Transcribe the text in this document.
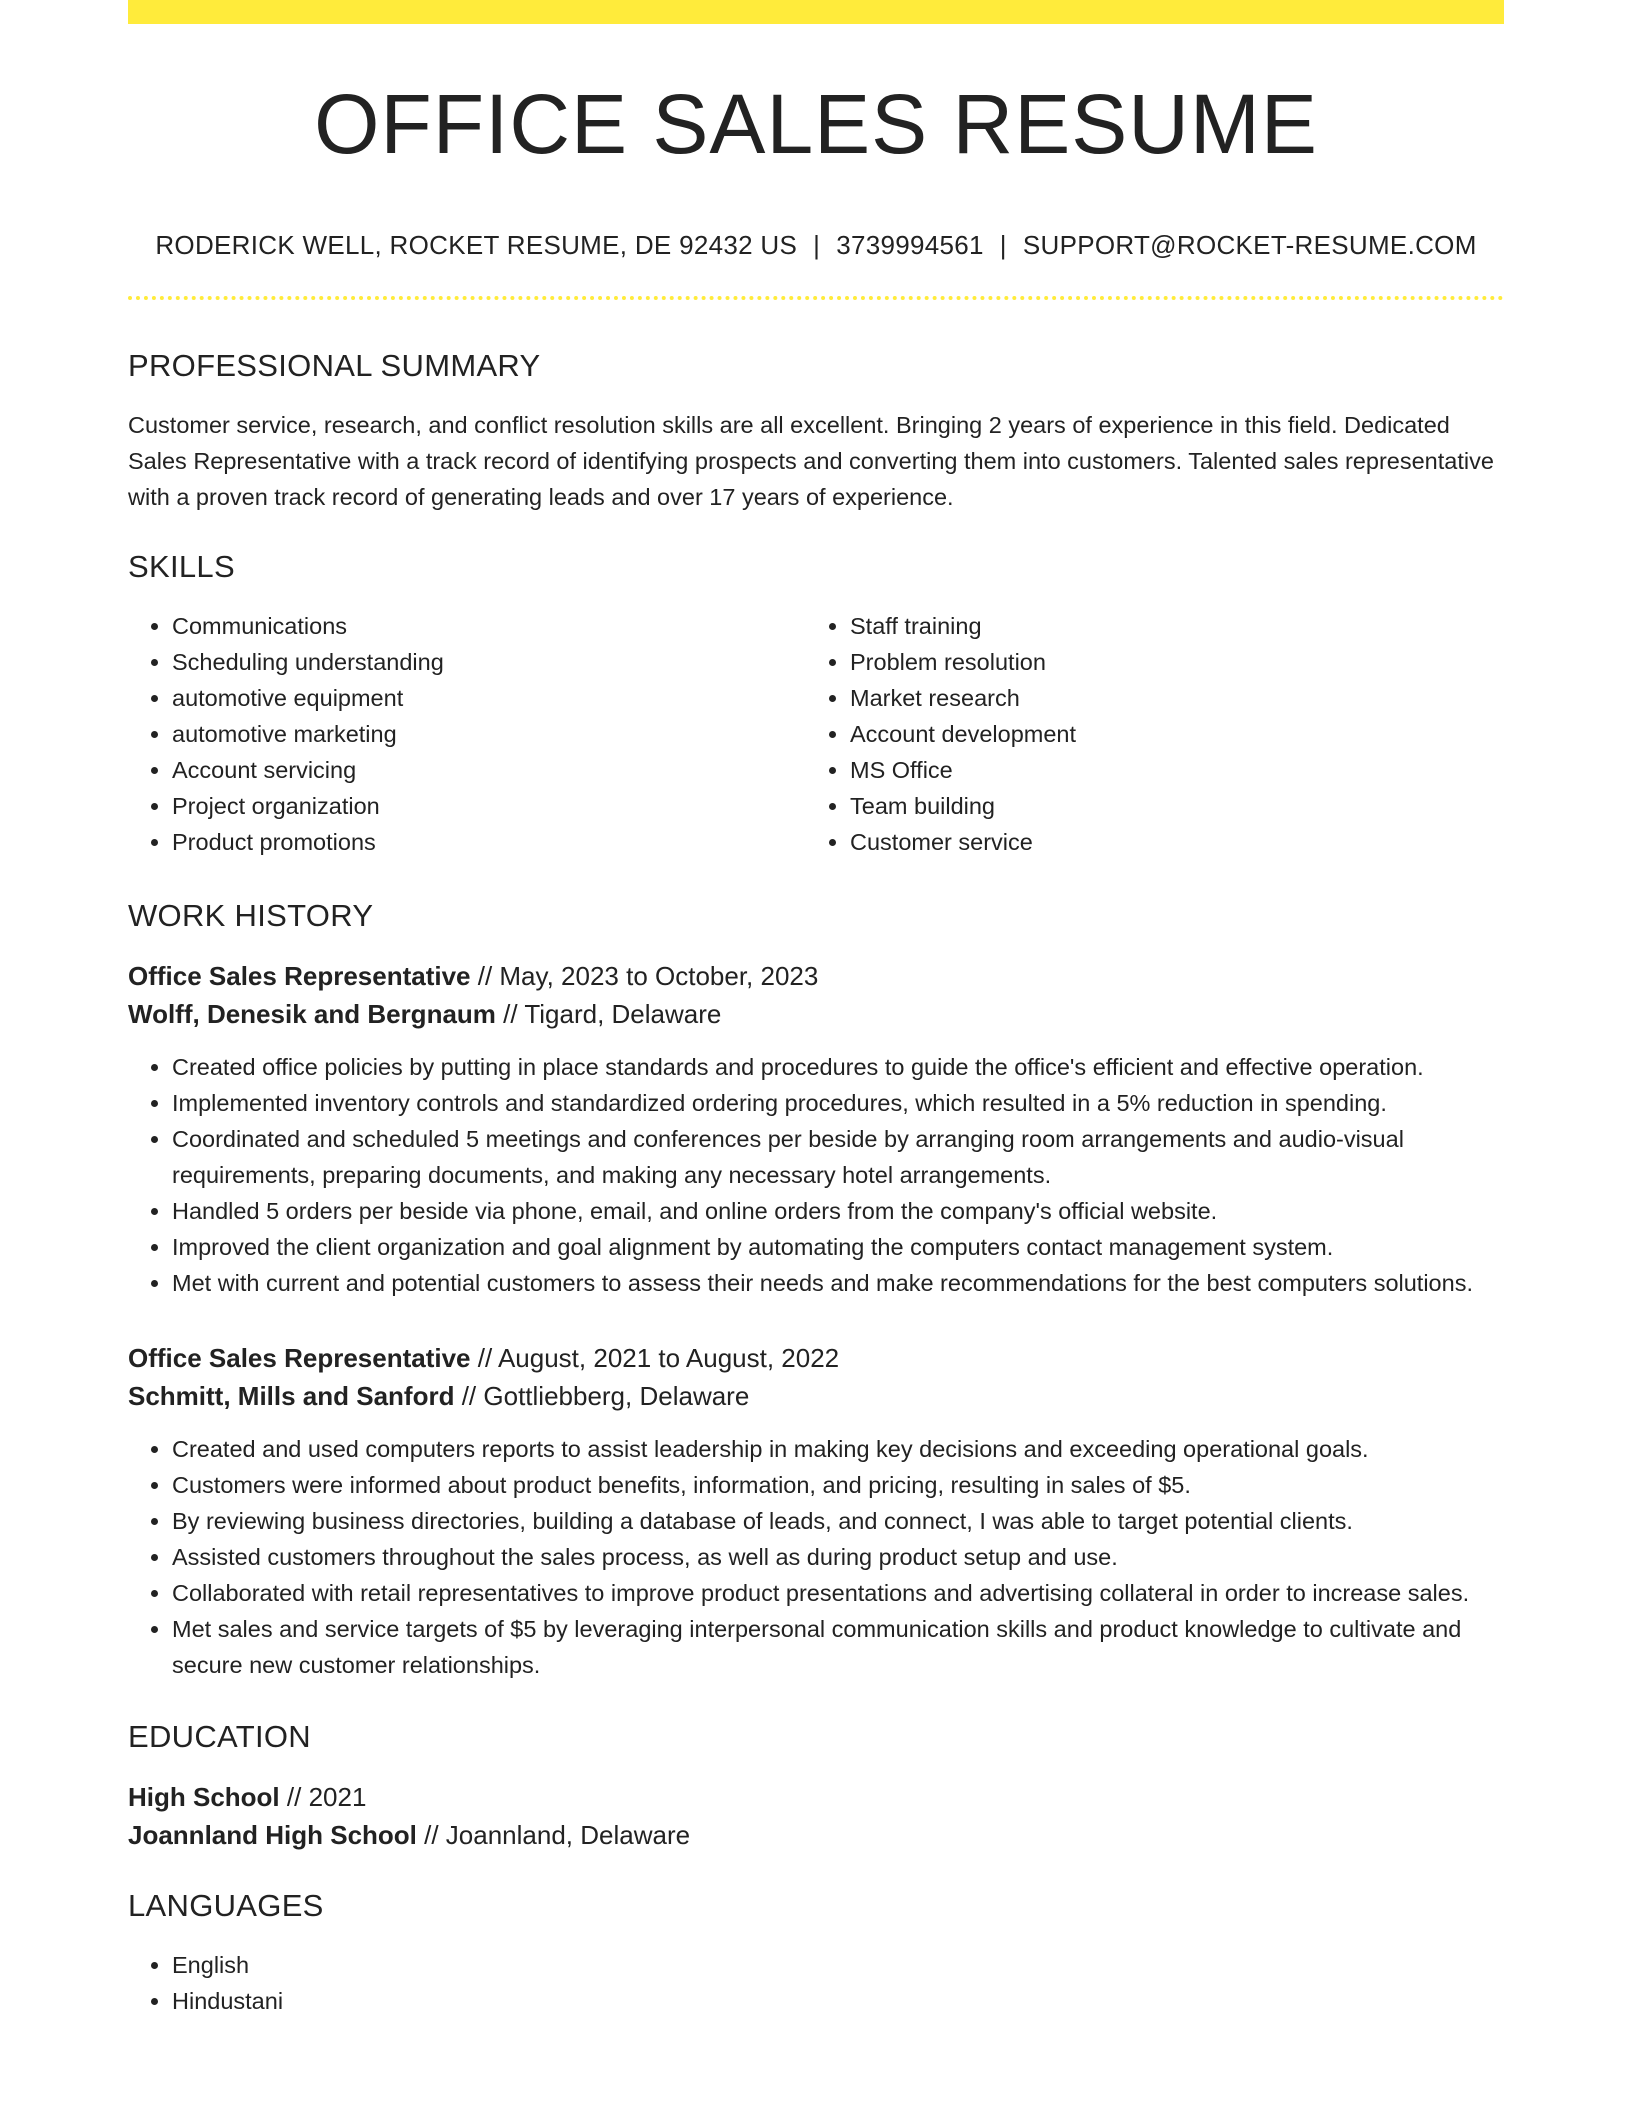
OFFICE SALES RESUME
RODERICK WELL, ROCKET RESUME, DE 92432 US | 3739994561 | SUPPORT@ROCKET-RESUME.COM
PROFESSIONAL SUMMARY

Customer service, research, and conflict resolution skills are all excellent. Bringing 2 years of experience in this field. Dedicated Sales Representative with a track record of identifying prospects and converting them into customers. Talented sales representative with a proven track record of generating leads and over 17 years of experience.

SKILLS
• Communications
• Scheduling understanding
• automotive equipment
• automotive marketing
• Account servicing
• Project organization
• Product promotions
• Staff training
• Problem resolution
• Market research
• Account development
• MS Office
• Team building
• Customer service
WORK HISTORY
Office Sales Representative // May, 2023 to October, 2023
Wolff, Denesik and Bergnaum // Tigard, Delaware
• Created office policies by putting in place standards and procedures to guide the office's efficient and effective operation.
• Implemented inventory controls and standardized ordering procedures, which resulted in a 5% reduction in spending.
• Coordinated and scheduled 5 meetings and conferences per beside by arranging room arrangements and audio-visual requirements, preparing documents, and making any necessary hotel arrangements.
• Handled 5 orders per beside via phone, email, and online orders from the company's official website.
• Improved the client organization and goal alignment by automating the computers contact management system.
• Met with current and potential customers to assess their needs and make recommendations for the best computers solutions.
Office Sales Representative // August, 2021 to August, 2022
Schmitt, Mills and Sanford // Gottliebberg, Delaware
• Created and used computers reports to assist leadership in making key decisions and exceeding operational goals.
• Customers were informed about product benefits, information, and pricing, resulting in sales of $5.
• By reviewing business directories, building a database of leads, and connect, I was able to target potential clients.
• Assisted customers throughout the sales process, as well as during product setup and use.
• Collaborated with retail representatives to improve product presentations and advertising collateral in order to increase sales.
• Met sales and service targets of $5 by leveraging interpersonal communication skills and product knowledge to cultivate and secure new customer relationships.
EDUCATION
High School // 2021
Joannland High School // Joannland, Delaware
LANGUAGES
• English
• Hindustani
